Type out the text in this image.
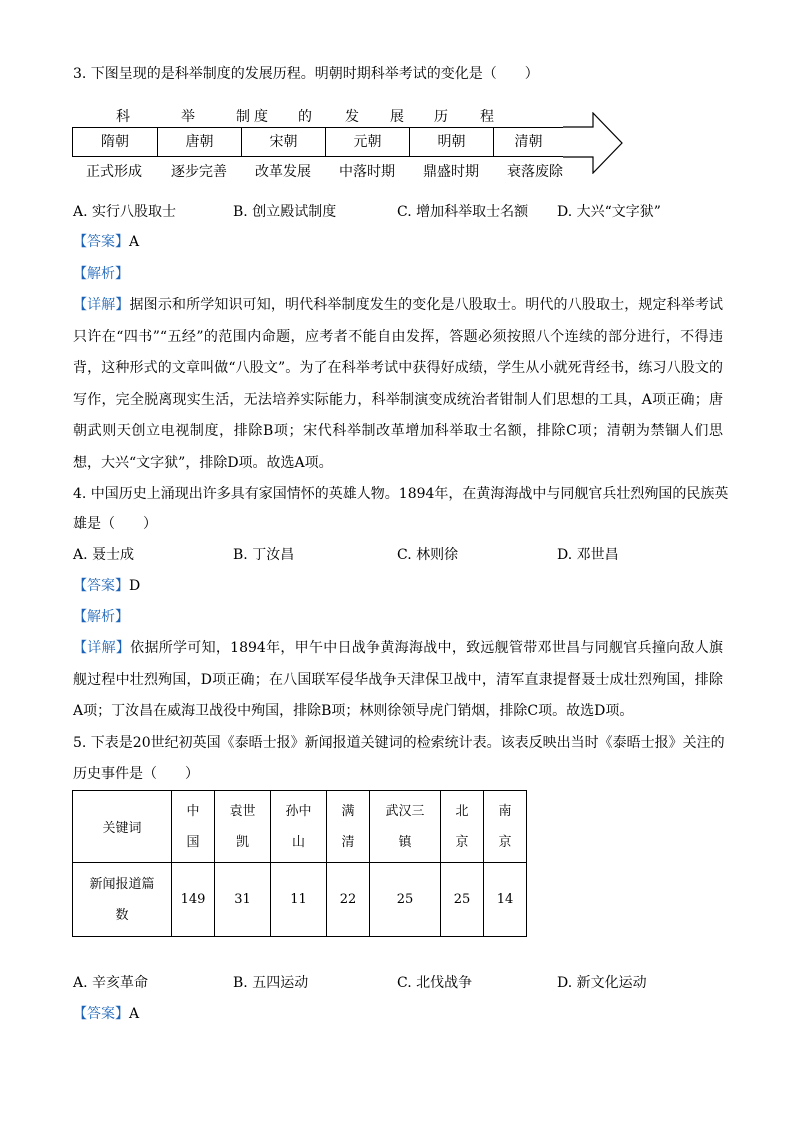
3. 下图呈现的是科举制度的发展历程。明朝时期科举考试的变化是（　　）
科	举	制 度 的 发 展 历 程
隋朝	唐朝	宋朝	元朝	明朝	清朝
正式形成	逐步完善	改革发展	中落时期	鼎盛时期	衰落废除
A. 实行八股取士	B. 创立殿试制度	C. 增加科举取士名额 D. 大兴“文字狱”
【答案】A
【解析】
【详解】据图示和所学知识可知，明代科举制度发生的变化是八股取士。明代的八股取士，规定科举考试只许在“四书”“五经”的范围内命题，应考者不能自由发挥，答题必须按照八个连续的部分进行，不得违背，这种形式的文章叫做“八股文”。为了在科举考试中获得好成绩，学生从小就死背经书，练习八股文的写作，完全脱离现实生活，无法培养实际能力，科举制演变成统治者钳制人们思想的工具，A项正确；唐朝武则天创立电视制度，排除B项；宋代科举制改革增加科举取士名额，排除C项；清朝为禁锢人们思想，大兴“文字狱”，排除D项。故选A项。
4. 中国历史上涌现出许多具有家国情怀的英雄人物。1894年，在黄海海战中与同舰官兵壮烈殉国的民族英
雄是（　　）
A. 聂士成	B. 丁汝昌	C. 林则徐	D. 邓世昌
【答案】D
【解析】
【详解】依据所学可知，1894年，甲午中日战争黄海海战中，致远舰管带邓世昌与同舰官兵撞向敌人旗舰过程中壮烈殉国，D项正确；在八国联军侵华战争天津保卫战中，清军直隶提督聂士成壮烈殉国，排除A项；丁汝昌在威海卫战役中殉国，排除B项；林则徐领导虎门销烟，排除C项。故选D项。
5. 下表是20世纪初英国《泰晤士报》新闻报道关键词的检索统计表。该表反映出当时《泰晤士报》关注的
历史事件是（　　）
关键词	中国	袁世凯	孙中山	满清	武汉三镇	北京	南京
新闻报道篇数	149	31	11	22	25	25	14
A. 辛亥革命	B. 五四运动	C. 北伐战争	D. 新文化运动
【答案】A
